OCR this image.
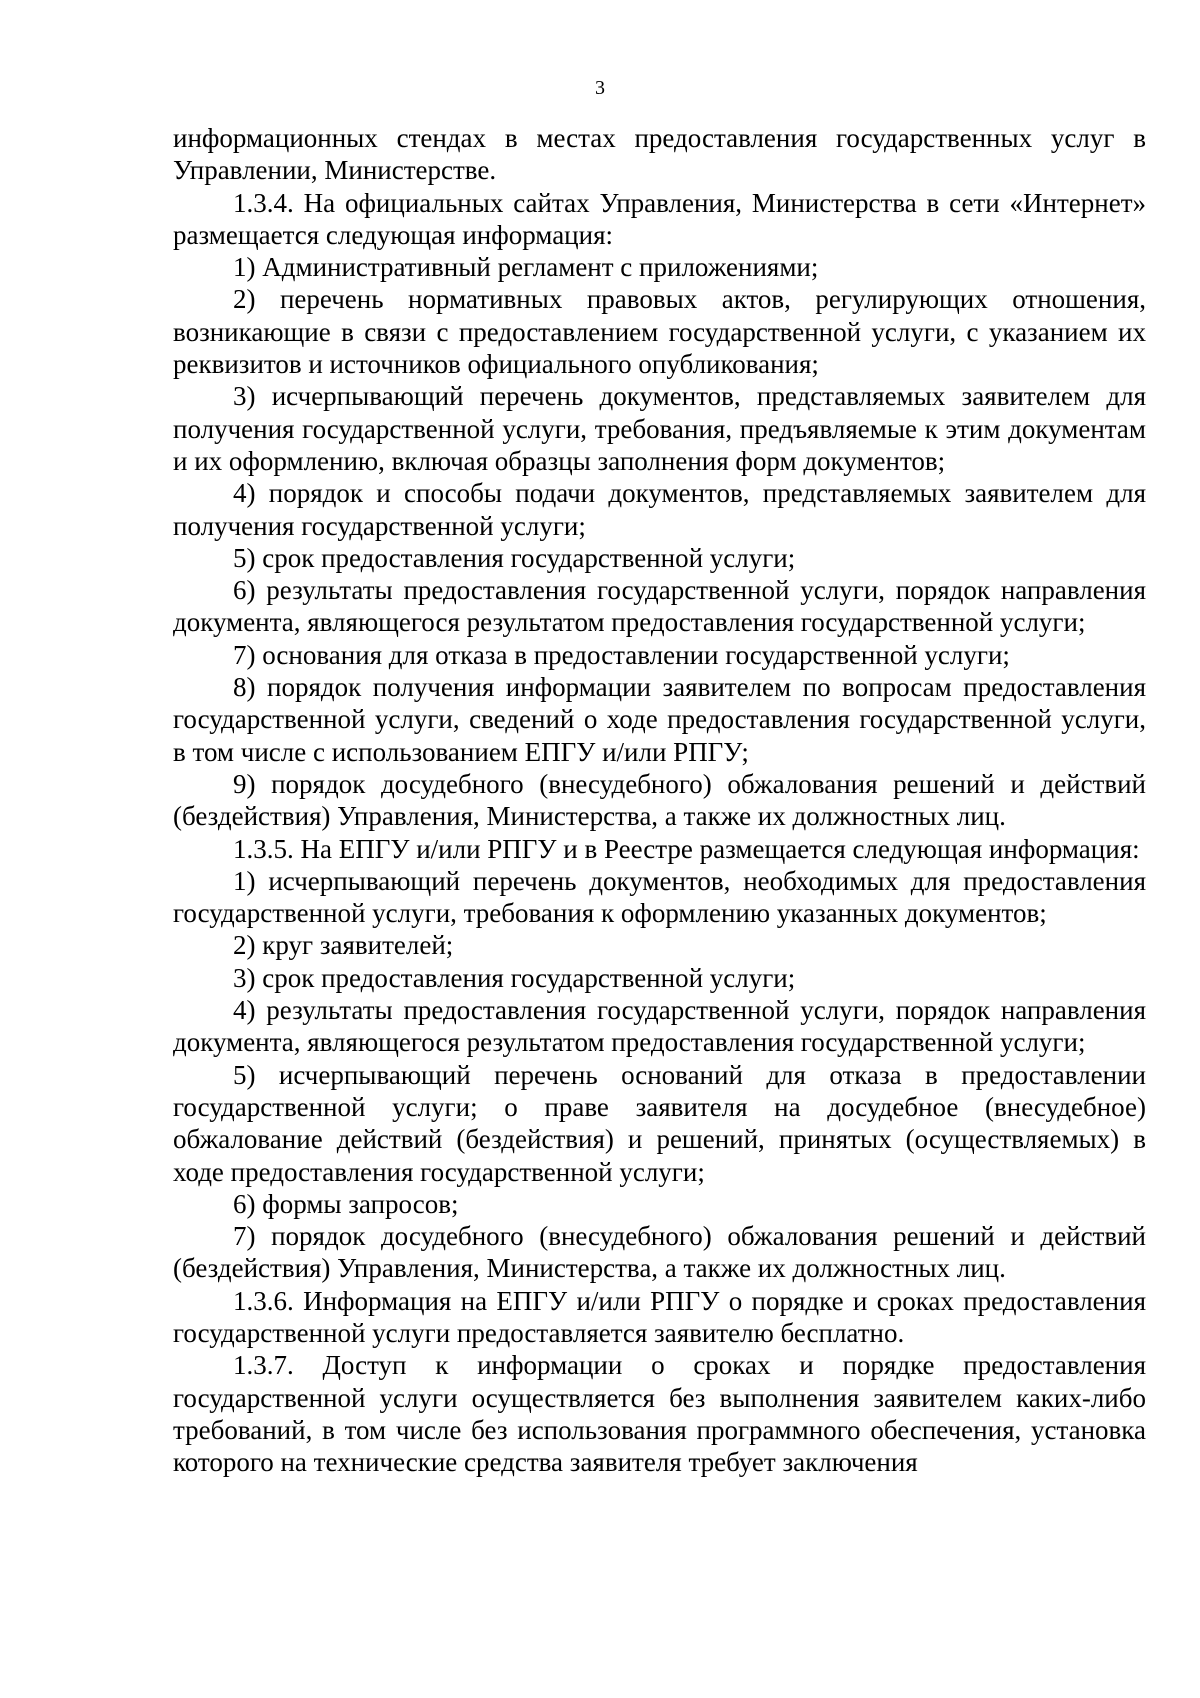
3

информационных стендах в местах предоставления государственных услуг в Управлении, Министерстве.

1.3.4. На официальных сайтах Управления, Министерства в сети «Интернет» размещается следующая информация:

1) Административный регламент с приложениями;

2) перечень нормативных правовых актов, регулирующих отношения, возникающие в связи с предоставлением государственной услуги, с указанием их реквизитов и источников официального опубликования;

3) исчерпывающий перечень документов, представляемых заявителем для получения государственной услуги, требования, предъявляемые к этим документам и их оформлению, включая образцы заполнения форм документов;

4) порядок и способы подачи документов, представляемых заявителем для получения государственной услуги;

5) срок предоставления государственной услуги;

6) результаты предоставления государственной услуги, порядок направления документа, являющегося результатом предоставления государственной услуги;

7) основания для отказа в предоставлении государственной услуги;

8) порядок получения информации заявителем по вопросам предоставления государственной услуги, сведений о ходе предоставления государственной услуги, в том числе с использованием ЕПГУ и/или РПГУ;

9) порядок досудебного (внесудебного) обжалования решений и действий (бездействия) Управления, Министерства, а также их должностных лиц.

1.3.5. На ЕПГУ и/или РПГУ и в Реестре размещается следующая информация:

1) исчерпывающий перечень документов, необходимых для предоставления государственной услуги, требования к оформлению указанных документов;

2) круг заявителей;

3) срок предоставления государственной услуги;

4) результаты предоставления государственной услуги, порядок направления документа, являющегося результатом предоставления государственной услуги;

5) исчерпывающий перечень оснований для отказа в предоставлении государственной услуги; о праве заявителя на досудебное (внесудебное) обжалование действий (бездействия) и решений, принятых (осуществляемых) в ходе предоставления государственной услуги;

6) формы запросов;

7) порядок досудебного (внесудебного) обжалования решений и действий (бездействия) Управления, Министерства, а также их должностных лиц.

1.3.6. Информация на ЕПГУ и/или РПГУ о порядке и сроках предоставления государственной услуги предоставляется заявителю бесплатно.

1.3.7. Доступ к информации о сроках и порядке предоставления государственной услуги осуществляется без выполнения заявителем каких-либо требований, в том числе без использования программного обеспечения, установка которого на технические средства заявителя требует заключения
